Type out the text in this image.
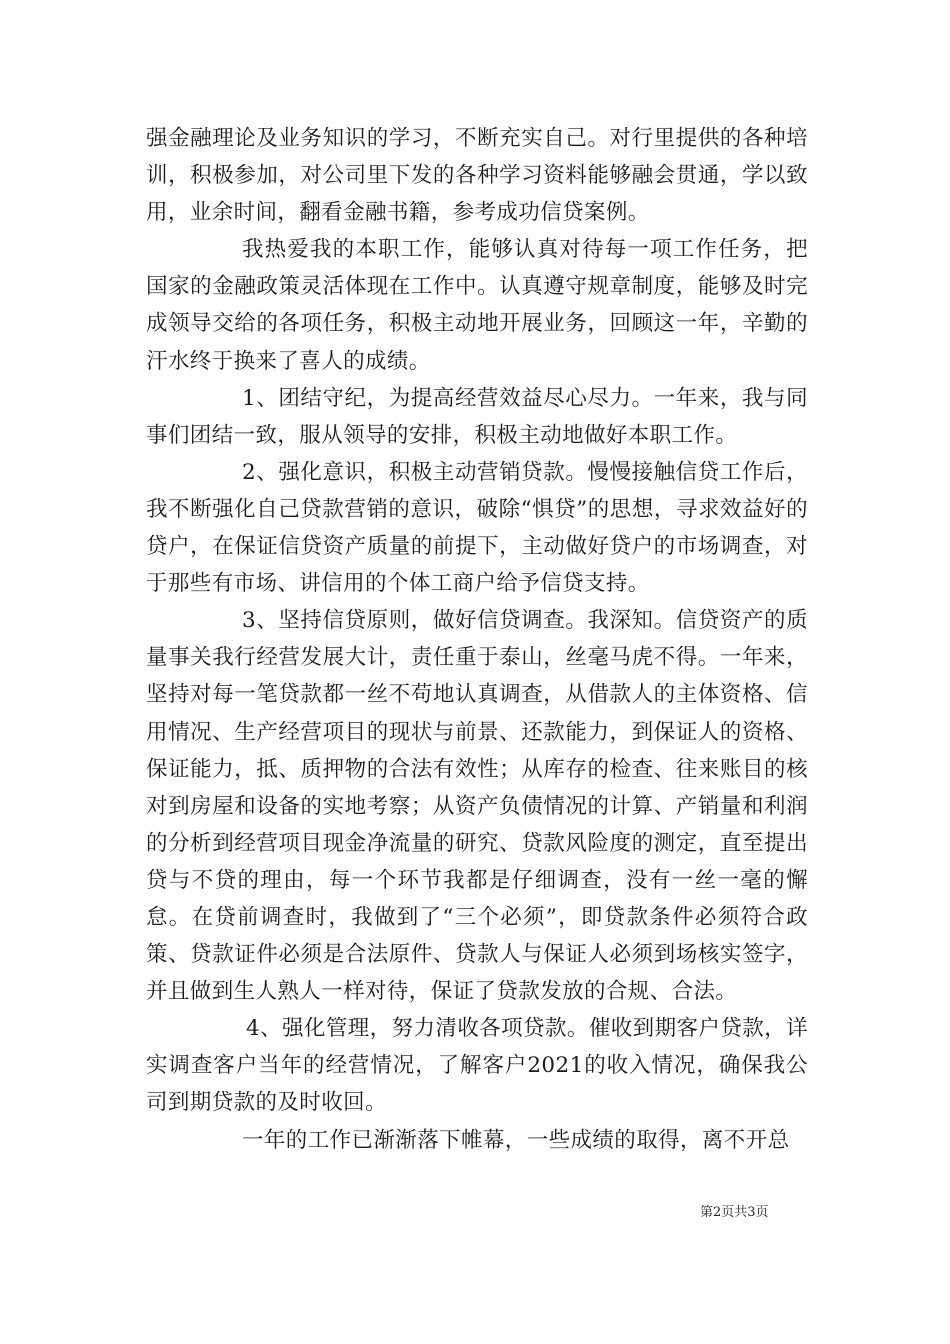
强金融理论及业务知识的学习，不断充实自己。对行里提供的各种培训，积极参加，对公司里下发的各种学习资料能够融会贯通，学以致用，业余时间，翻看金融书籍，参考成功信贷案例。

我热爱我的本职工作，能够认真对待每一项工作任务，把国家的金融政策灵活体现在工作中。认真遵守规章制度，能够及时完成领导交给的各项任务，积极主动地开展业务，回顾这一年，辛勤的汗水终于换来了喜人的成绩。

1、团结守纪，为提高经营效益尽心尽力。一年来，我与同事们团结一致，服从领导的安排，积极主动地做好本职工作。

2、强化意识，积极主动营销贷款。慢慢接触信贷工作后，我不断强化自己贷款营销的意识，破除“惧贷”的思想，寻求效益好的贷户，在保证信贷资产质量的前提下，主动做好贷户的市场调查，对于那些有市场、讲信用的个体工商户给予信贷支持。

3、坚持信贷原则，做好信贷调查。我深知。信贷资产的质量事关我行经营发展大计，责任重于泰山，丝毫马虎不得。一年来，坚持对每一笔贷款都一丝不苟地认真调查，从借款人的主体资格、信用情况、生产经营项目的现状与前景、还款能力，到保证人的资格、保证能力，抵、质押物的合法有效性；从库存的检查、往来账目的核对到房屋和设备的实地考察；从资产负债情况的计算、产销量和利润的分析到经营项目现金净流量的研究、贷款风险度的测定，直至提出贷与不贷的理由，每一个环节我都是仔细调查，没有一丝一毫的懈怠。在贷前调查时，我做到了“三个必须”，即贷款条件必须符合政策、贷款证件必须是合法原件、贷款人与保证人必须到场核实签字，并且做到生人熟人一样对待，保证了贷款发放的合规、合法。

4、强化管理，努力清收各项贷款。催收到期客户贷款，详实调查客户当年的经营情况，了解客户2021的收入情况，确保我公司到期贷款的及时收回。

一年的工作已渐渐落下帷幕，一些成绩的取得，离不开总

第2页共3页
